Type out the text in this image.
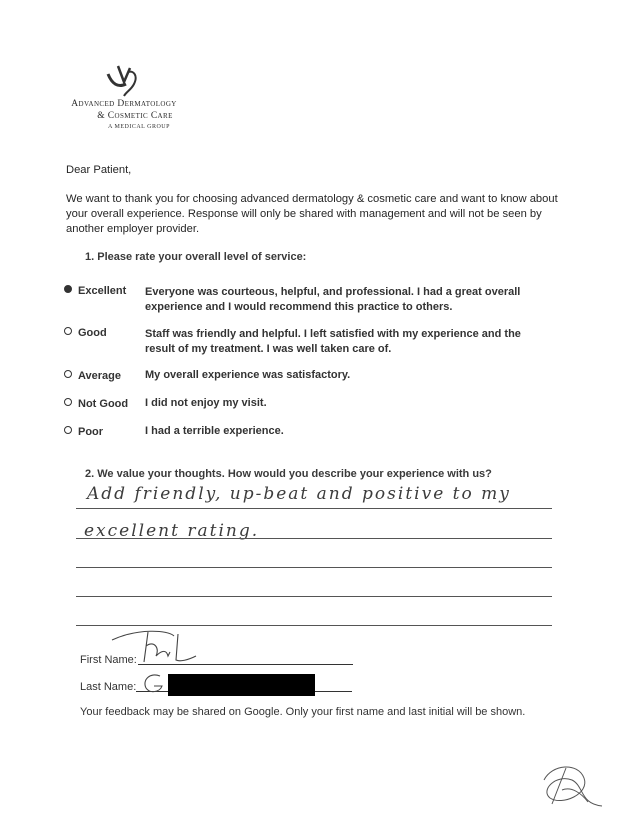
Advanced Dermatology
& Cosmetic Care
A MEDICAL GROUP
Dear Patient,
We want to thank you for choosing advanced dermatology & cosmetic care and want to know about your overall experience. Response will only be shared with management and will not be seen by another employer provider.
1. Please rate your overall level of service:
Excellent Everyone was courteous, helpful, and professional. I had a great overall experience and I would recommend this practice to others.
Good	Staff was friendly and helpful. I left satisfied with my experience and the result of my treatment. I was well taken care of.
Average My overall experience was satisfactory.
Not Good I did not enjoy my visit.
Poor	I had a terrible experience.
2. We value your thoughts. How would you describe your experience with us?
Add friendly, up-beat and positive to my
excellent rating.
First Name:
Last Name:
Your feedback may be shared on Google. Only your first name and last initial will be shown.
